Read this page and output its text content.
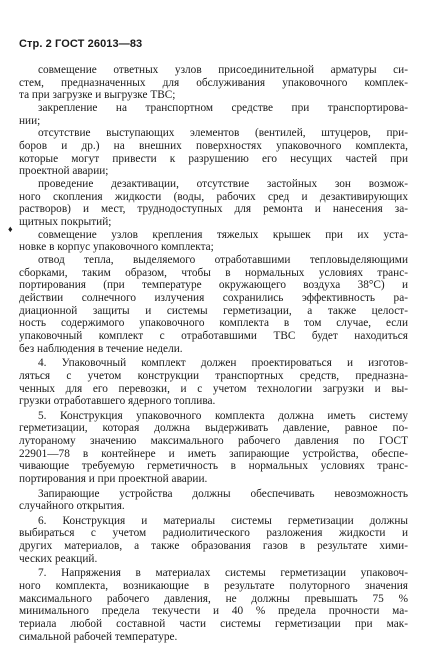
Стр. 2 ГОСТ 26013—83
♦
совмещение ответных узлов присоединительной арматуры си-
стем, предназначенных для обслуживания упаковочного комплек-
та при загрузке и выгрузке ТВС;
закрепление на транспортном средстве при транспортирова-
нии;
отсутствие выступающих элементов (вентилей, штуцеров, при-
боров и др.) на внешних поверхностях упаковочного комплекта,
которые могут привести к разрушению его несущих частей при
проектной аварии;
проведение дезактивации, отсутствие застойных зон возмож-
ного скопления жидкости (воды, рабочих сред и дезактивирующих
растворов) и мест, труднодоступных для ремонта и нанесения за-
щитных покрытий;
совмещение узлов крепления тяжелых крышек при их уста-
новке в корпус упаковочного комплекта;
отвод тепла, выделяемого отработавшими тепловыделяющими
сборками, таким образом, чтобы в нормальных условиях транс-
портирования (при температуре окружающего воздуха 38°С) и
действии солнечного излучения сохранились эффективность ра-
диационной защиты и системы герметизации, а также целост-
ность содержимого упаковочного комплекта в том случае, если
упаковочный комплект с отработавшими ТВС будет находиться
без наблюдения в течение недели.
4. Упаковочный комплект должен проектироваться и изготов-
ляться с учетом конструкции транспортных средств, предназна-
ченных для его перевозки, и с учетом технологии загрузки и вы-
грузки отработавшего ядерного топлива.
5. Конструкция упаковочного комплекта должна иметь систему
герметизации, которая должна выдерживать давление, равное по-
лутораному значению максимального рабочего давления по ГОСТ
22901—78 в контейнере и иметь запирающие устройства, обеспе-
чивающие требуемую герметичность в нормальных условиях транс-
портирования и при проектной аварии.
Запирающие устройства должны обеспечивать невозможность
случайного открытия.
6. Конструкция и материалы системы герметизации должны
выбираться с учетом радиолитического разложения жидкости и
других материалов, а также образования газов в результате хими-
ческих реакций.
7. Напряжения в материалах системы герметизации упаковоч-
ного комплекта, возникающие в результате полуторного значения
максимального рабочего давления, не должны превышать 75 %
минимального предела текучести и 40 % предела прочности ма-
териала любой составной части системы герметизации при мак-
симальной рабочей температуре.
